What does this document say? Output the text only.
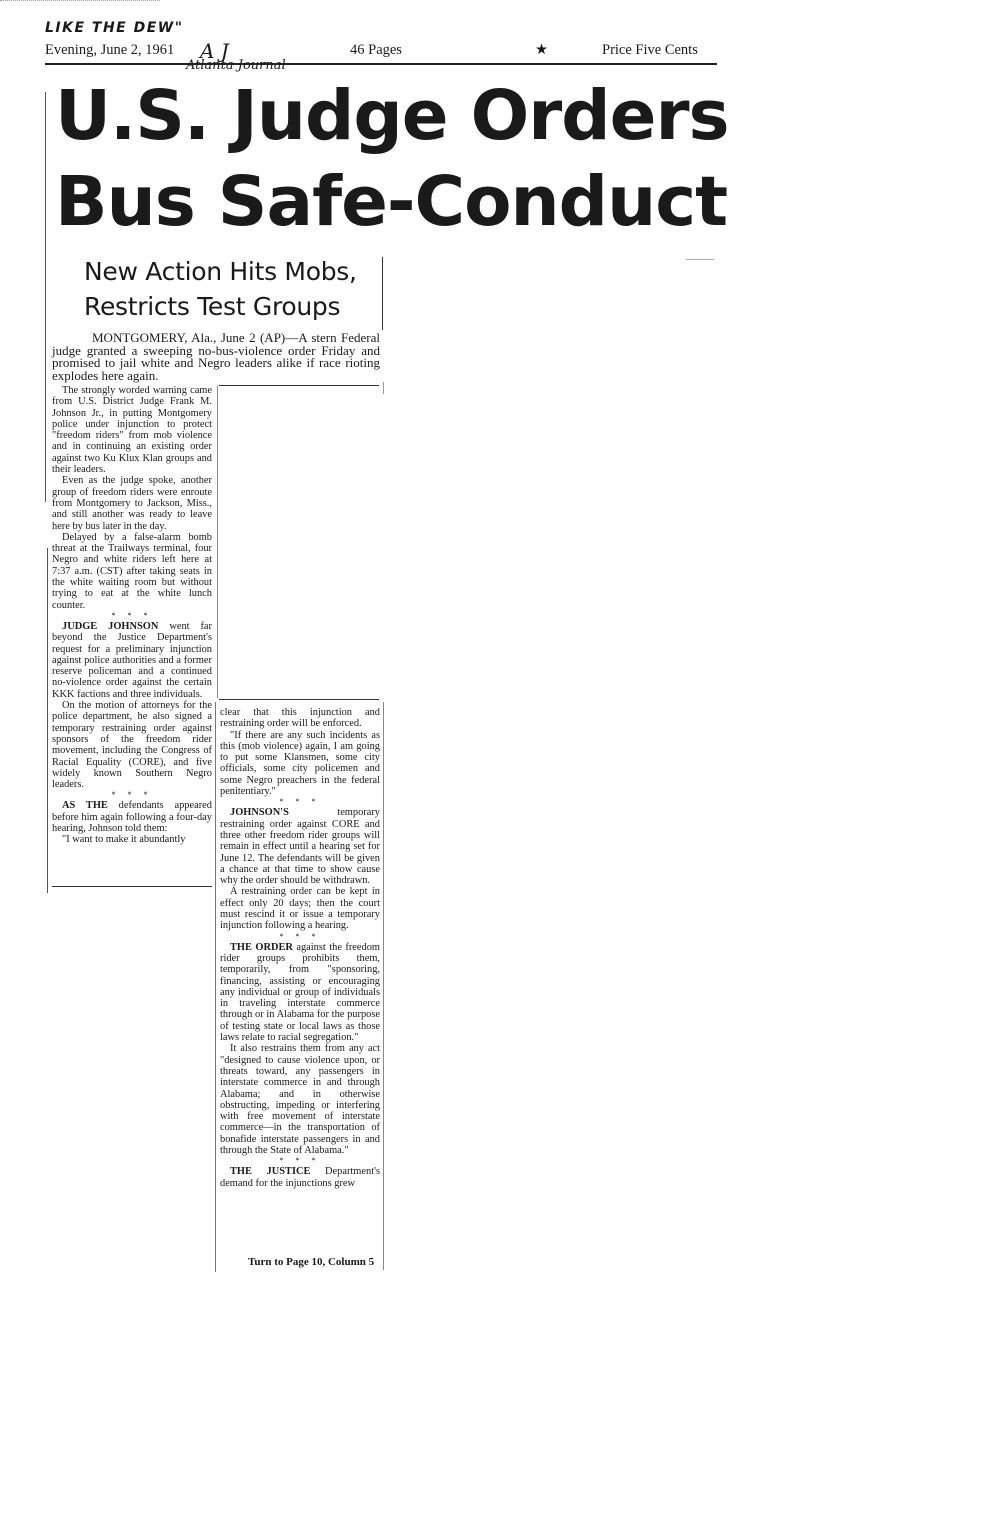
LIKE THE DEW"
Evening, June 2, 1961	46 Pages	★	Price Five Cents
A J
Atlanta Journal
U.S. Judge Orders
Bus Safe-Conduct
New Action Hits Mobs,
Restricts Test Groups
MONTGOMERY, Ala., June 2 (AP)—A stern Federal judge granted a sweeping no-bus-violence order Friday and promised to jail white and Negro leaders alike if race rioting explodes here again.

The strongly worded warning came from U.S. District Judge Frank M. Johnson Jr., in putting Montgomery police under injunction to protect "freedom riders" from mob violence and in continuing an existing order against two Ku Klux Klan groups and their leaders.

Even as the judge spoke, another group of freedom riders were enroute from Montgomery to Jackson, Miss., and still another was ready to leave here by bus later in the day.

Delayed by a false-alarm bomb threat at the Trailways terminal, four Negro and white riders left here at 7:37 a.m. (CST) after taking seats in the white waiting room but without trying to eat at the white lunch counter.

* * *

JUDGE JOHNSON went far beyond the Justice Department's request for a preliminary injunction against police authorities and a former reserve policeman and a continued no-violence order against the certain KKK factions and three individuals.

On the motion of attorneys for the police department, he also signed a temporary restraining order against sponsors of the freedom rider movement, including the Congress of Racial Equality (CORE), and five widely known Southern Negro leaders.

* * *

AS THE defendants appeared before him again following a four-day hearing, Johnson told them:

"I want to make it abundantly

clear that this injunction and restraining order will be enforced.

"If there are any such incidents as this (mob violence) again, I am going to put some Klansmen, some city officials, some city policemen and some Negro preachers in the federal penitentiary."

* * *

JOHNSON'S temporary restraining order against CORE and three other freedom rider groups will remain in effect until a hearing set for June 12. The defendants will be given a chance at that time to show cause why the order should be withdrawn.

A restraining order can be kept in effect only 20 days; then the court must rescind it or issue a temporary injunction following a hearing.

* * *

THE ORDER against the freedom rider groups prohibits them, temporarily, from "sponsoring, financing, assisting or encouraging any individual or group of individuals in traveling interstate commerce through or in Alabama for the purpose of testing state or local laws as those laws relate to racial segregation."

It also restrains them from any act "designed to cause violence upon, or threats toward, any passengers in interstate commerce in and through Alabama; and in otherwise obstructing, impeding or interfering with free movement of interstate commerce—in the transportation of bonafide interstate passengers in and through the State of Alabama."

* * *

THE JUSTICE Department's demand for the injunctions grew

Turn to Page 10, Column 5
